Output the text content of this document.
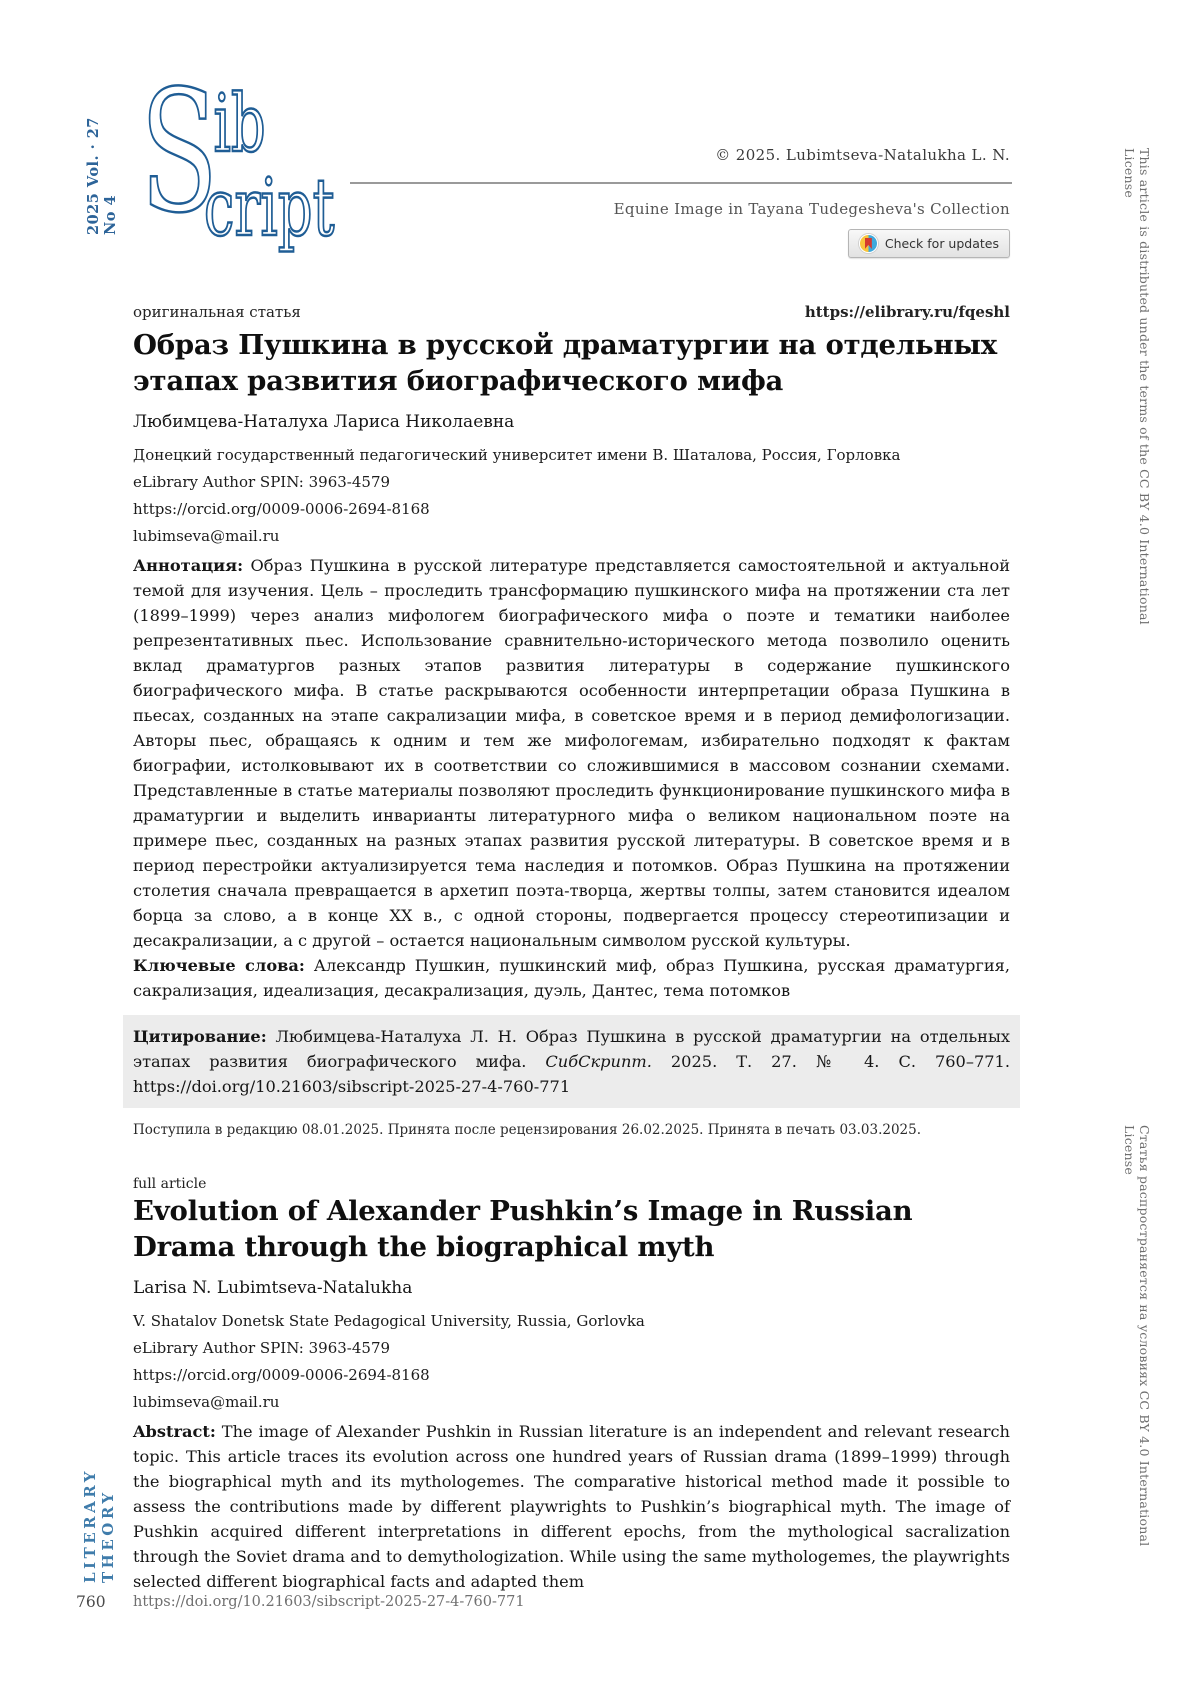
2025 Vol. · 27 No 4 S
ib
cript
© 2025. Lubimtseva-Natalukha L. N.
Equine Image in Tayana Tudegesheva's Collection
Check for updates	This article is distributed under the terms of the CC BY 4.0 International License
Статья распространяется на условиях CC BY 4.0 International License
LITERARY THEORY
оригинальная статья	https://elibrary.ru/fqeshl
Образ Пушкина в русской драматургии на отдельных этапах развития биографического мифа

Любимцева-Наталуха Лариса Николаевна

Донецкий государственный педагогический университет имени В. Шаталова, Россия, Горловка

eLibrary Author SPIN: 3963-4579

https://orcid.org/0009-0006-2694-8168

lubimseva@mail.ru

Аннотация: Образ Пушкина в русской литературе представляется самостоятельной и актуальной темой для изучения. Цель – проследить трансформацию пушкинского мифа на протяжении ста лет (1899–1999) через анализ мифологем биографического мифа о поэте и тематики наиболее репрезентативных пьес. Использование сравнительно-исторического метода позволило оценить вклад драматургов разных этапов развития литературы в содержание пушкинского биографического мифа. В статье раскрываются особенности интерпретации образа Пушкина в пьесах, созданных на этапе сакрализации мифа, в советское время и в период демифологизации. Авторы пьес, обращаясь к одним и тем же мифологемам, избирательно подходят к фактам биографии, истолковывают их в соответствии со сложившимися в массовом сознании схемами. Представленные в статье материалы позволяют проследить функционирование пушкинского мифа в драматургии и выделить инварианты литературного мифа о великом национальном поэте на примере пьес, созданных на разных этапах развития русской литературы. В советское время и в период перестройки актуализируется тема наследия и потомков. Образ Пушкина на протяжении столетия сначала превращается в архетип поэта-творца, жертвы толпы, затем становится идеалом борца за слово, а в конце XX в., с одной стороны, подвергается процессу стереотипизации и десакрализации, а с другой – остается национальным символом русской культуры.

Ключевые слова: Александр Пушкин, пушкинский миф, образ Пушкина, русская драматургия, сакрализация, идеализация, десакрализация, дуэль, Дантес, тема потомков

Цитирование: Любимцева-Наталуха Л. Н. Образ Пушкина в русской драматургии на отдельных этапах развития биографического мифа. СибСкрипт. 2025. Т. 27. № 4. С. 760–771. https://doi.org/10.21603/sibscript-2025-27-4-760-771

Поступила в редакцию 08.01.2025. Принята после рецензирования 26.02.2025. Принята в печать 03.03.2025.

full article

Evolution of Alexander Pushkin’s Image in Russian Drama through the biographical myth

Larisa N. Lubimtseva-Natalukha

V. Shatalov Donetsk State Pedagogical University, Russia, Gorlovka

eLibrary Author SPIN: 3963-4579

https://orcid.org/0009-0006-2694-8168

lubimseva@mail.ru

Abstract: The image of Alexander Pushkin in Russian literature is an independent and relevant research topic. This article traces its evolution across one hundred years of Russian drama (1899–1999) through the biographical myth and its mythologemes. The comparative historical method made it possible to assess the contributions made by different playwrights to Pushkin’s biographical myth. The image of Pushkin acquired different interpretations in different epochs, from the mythological sacralization through the Soviet drama and to demythologization. While using the same mythologemes, the playwrights selected different biographical facts and adapted them

760 https://doi.org/10.21603/sibscript-2025-27-4-760-771
